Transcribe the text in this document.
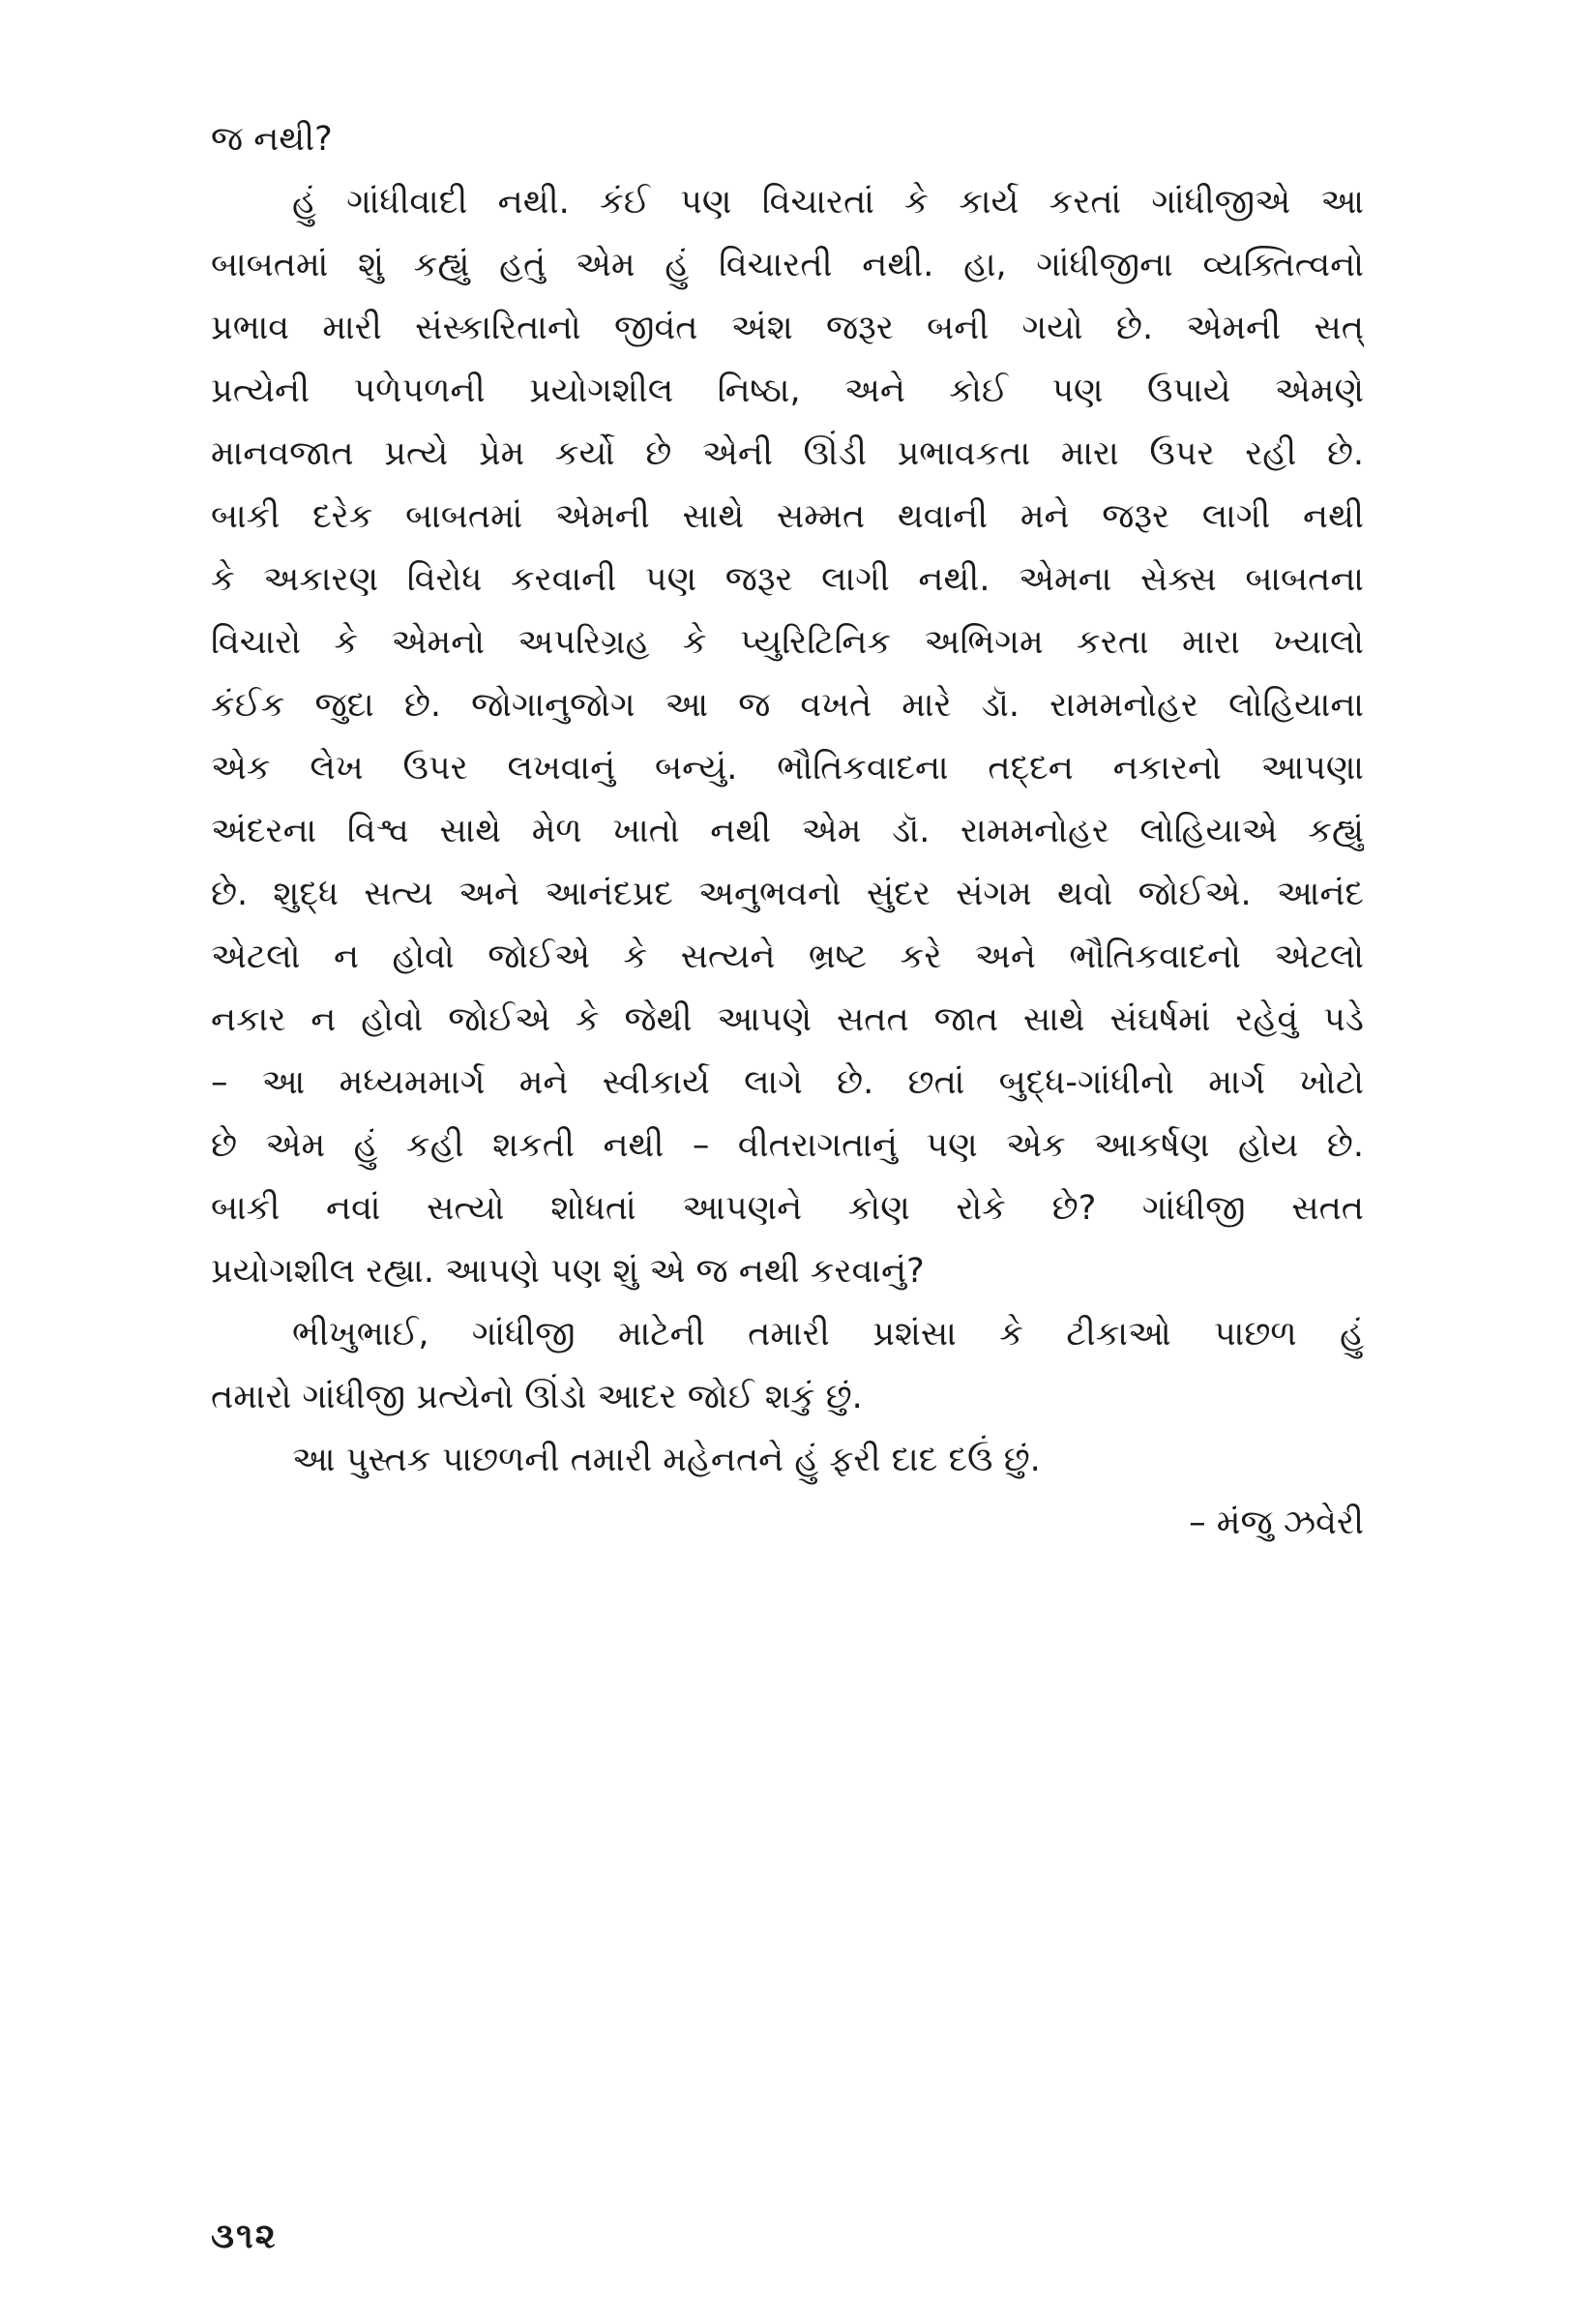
જ નથી?
હું ગાંધીવાદી નથી. કંઈ પણ વિચારતાં કે કાર્ય કરતાં ગાંધીજીએ આ
બાબતમાં શું કહ્યું હતું એમ હું વિચારતી નથી. હા, ગાંધીજીના વ્યક્તિત્વનો
પ્રભાવ મારી સંસ્કારિતાનો જીવંત અંશ જરૂર બની ગયો છે. એમની સત્
પ્રત્યેની પળેપળની પ્રયોગશીલ નિષ્ઠા, અને કોઈ પણ ઉપાયે એમણે
માનવજાત પ્રત્યે પ્રેમ કર્યો છે એની ઊંડી પ્રભાવકતા મારા ઉપર રહી છે.
બાકી દરેક બાબતમાં એમની સાથે સમ્મત થવાની મને જરૂર લાગી નથી
કે અકારણ વિરોધ કરવાની પણ જરૂર લાગી નથી. એમના સેક્સ બાબતના
વિચારો કે એમનો અપરિગ્રહ કે પ્યુરિટિનિક અભિગમ કરતા મારા ખ્યાલો
કંઈક જુદા છે. જોગાનુજોગ આ જ વખતે મારે ડૉ. રામમનોહર લોહિયાના
એક લેખ ઉપર લખવાનું બન્યું. ભૌતિકવાદના તદ્દન નકારનો આપણા
અંદરના વિશ્વ સાથે મેળ ખાતો નથી એમ ડૉ. રામમનોહર લોહિયાએ કહ્યું
છે. શુદ્ધ સત્ય અને આનંદપ્રદ અનુભવનો સુંદર સંગમ થવો જોઈએ. આનંદ
એટલો ન હોવો જોઈએ કે સત્યને ભ્રષ્ટ કરે અને ભૌતિકવાદનો એટલો
નકાર ન હોવો જોઈએ કે જેથી આપણે સતત જાત સાથે સંઘર્ષમાં રહેવું પડે
– આ મધ્યમમાર્ગ મને સ્વીકાર્ય લાગે છે. છતાં બુદ્ધ-ગાંધીનો માર્ગ ખોટો
છે એમ હું કહી શકતી નથી – વીતરાગતાનું પણ એક આકર્ષણ હોય છે.
બાકી નવાં સત્યો શોધતાં આપણને કોણ રોકે છે? ગાંધીજી સતત
પ્રયોગશીલ રહ્યા. આપણે પણ શું એ જ નથી કરવાનું?
ભીખુભાઈ, ગાંધીજી માટેની તમારી પ્રશંસા કે ટીકાઓ પાછળ હું
તમારો ગાંધીજી પ્રત્યેનો ઊંડો આદર જોઈ શકું છું.
આ પુસ્તક પાછળની તમારી મહેનતને હું ફરી દાદ દઉં છું.
– મંજુ ઝવેરી
૩૧૨
